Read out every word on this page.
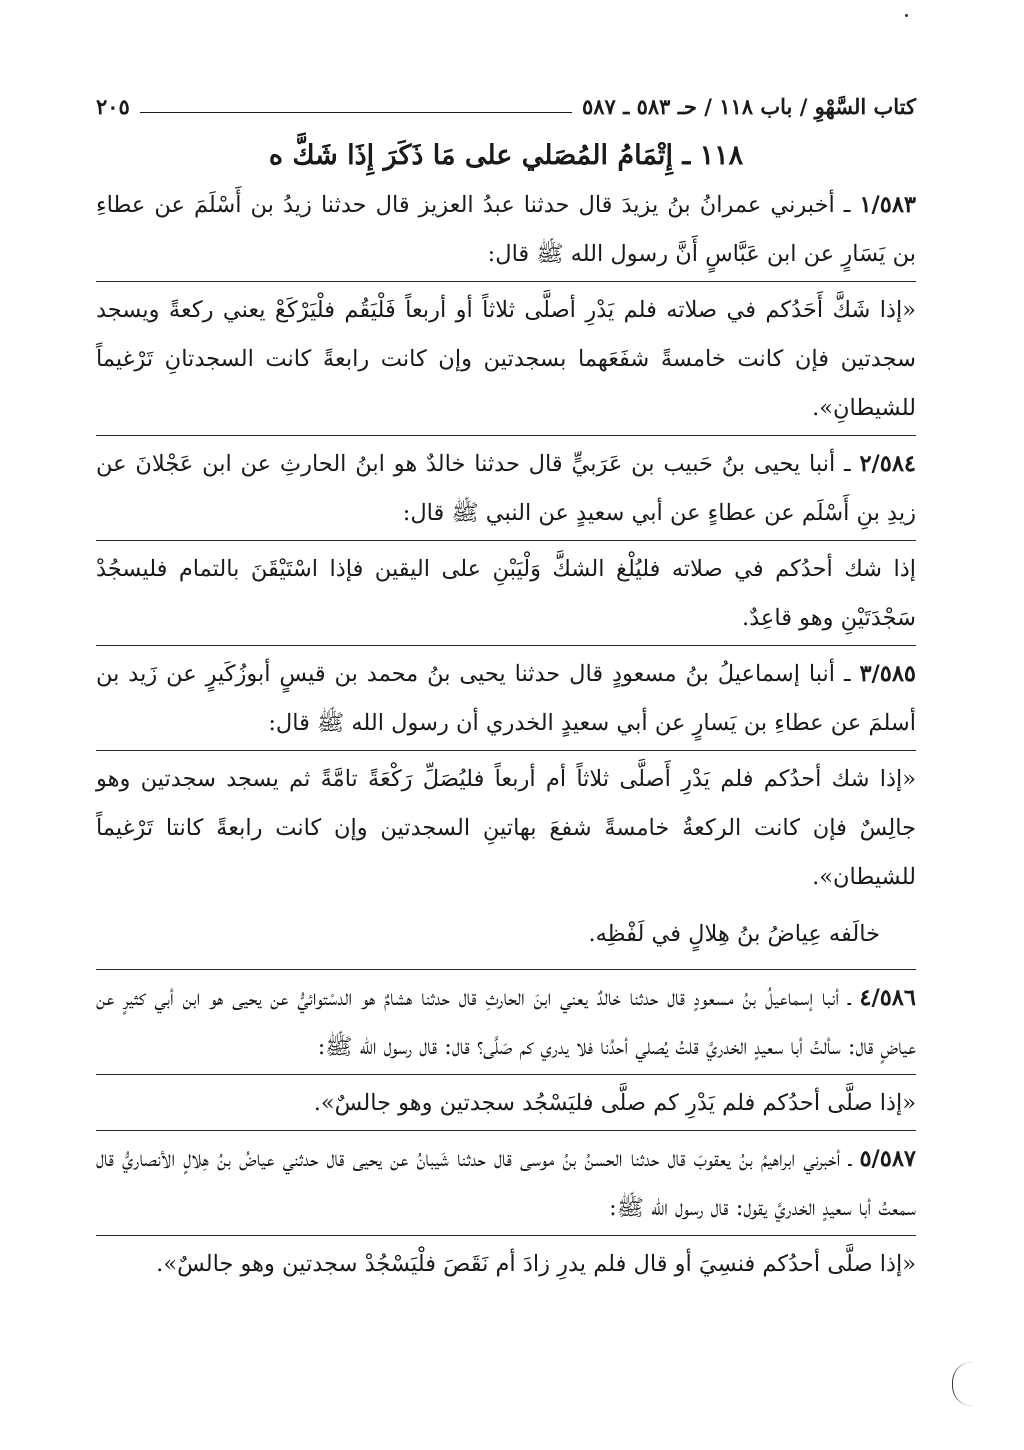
كتاب السَّهْوِ / باب ١١٨ / حـ ٥٨٣ ـ ٥٨٧
٢٠٥
١١٨ ـ إِتْمَامُ المُصَلي على مَا ذَكَرَ إِذَا شَكَّ ه

١/٥٨٣ ـ أخبرني عمرانُ بنُ يزيدَ قال حدثنا عبدُ العزيز قال حدثنا زيدُ بن أَسْلَمَ عن عطاءِ بن يَسَارٍ عن ابن عَبَّاسٍ أَنَّ رسول الله ﷺ قال:

«إذا شَكَّ أَحَدُكم في صلاته فلم يَدْرِ أصلَّى ثلاثاً أو أربعاً فَلْيَقُم فلْيَرْكَعْ يعني ركعةً ويسجد سجدتين فإن كانت خامسةً شفَعَهما بسجدتين وإن كانت رابعةً كانت السجدتانِ تَرْغيماً للشيطانِ».

٢/٥٨٤ ـ أنبا يحيى بنُ حَبيب بن عَرَبيٍّ قال حدثنا خالدٌ هو ابنُ الحارثِ عن ابن عَجْلانَ عن زيدِ بنِ أَسْلَم عن عطاءٍ عن أبي سعيدٍ عن النبي ﷺ قال:

إذا شك أحدُكم في صلاته فليُلْغ الشكَّ وَلْيَبْنِ على اليقين فإذا اسْتَيْقَنَ بالتمام فليسجُدْ سَجْدَتَيْنِ وهو قاعِدٌ.

٣/٥٨٥ ـ أنبا إسماعيلُ بنُ مسعودٍ قال حدثنا يحيى بنُ محمد بن قيسٍ أبوزُكَيرٍ عن زَيد بن أسلمَ عن عطاءِ بن يَسارٍ عن أبي سعيدٍ الخدري أن رسول الله ﷺ قال:

«إذا شك أحدُكم فلم يَدْرِ أَصلَّى ثلاثاً أم أربعاً فليُصَلِّ رَكْعَةً تامَّةً ثم يسجد سجدتين وهو جالِسٌ فإن كانت الركعةُ خامسةً شفعَ بهاتينِ السجدتين وإن كانت رابعةً كانتا تَرْغيماً للشيطان».

خالَفه عِياضُ بنُ هِلالٍ في لَفْظِه.

٤/٥٨٦ ـ أنبا إسماعيلُ بنُ مسعودٍ قال حدثنا خالدٌ يعني ابنَ الحارثِ قال حدثنا هشامٌ هو الدسْتوائيُّ عن يحيى هو ابن أبي كثيرٍ عن عياضٍ قال: سألتُ أبا سعيدٍ الخدريَّ قلتُ يُصلي أحدُنا فلا يدري كم صَلَّى؟ قال: قال رسول الله ﷺ:

«إذا صلَّى أحدُكم فلم يَدْرِ كم صلَّى فليَسْجُد سجدتين وهو جالسٌ».

٥/٥٨٧ ـ أخبرني ابراهيمُ بنُ يعقوبَ قال حدثنا الحسنُ بنُ موسى قال حدثنا شَيبانُ عن يحيى قال حدثني عياضُ بنُ هِلالٍ الأنصاريُّ قال سمعتُ أبا سعيدٍ الخدريَّ يقول: قال رسول الله ﷺ:

«إذا صلَّى أحدُكم فنسِيَ أو قال فلم يدرِ زادَ أم نَقَصَ فلْيَسْجُدْ سجدتين وهو جالسٌ».
